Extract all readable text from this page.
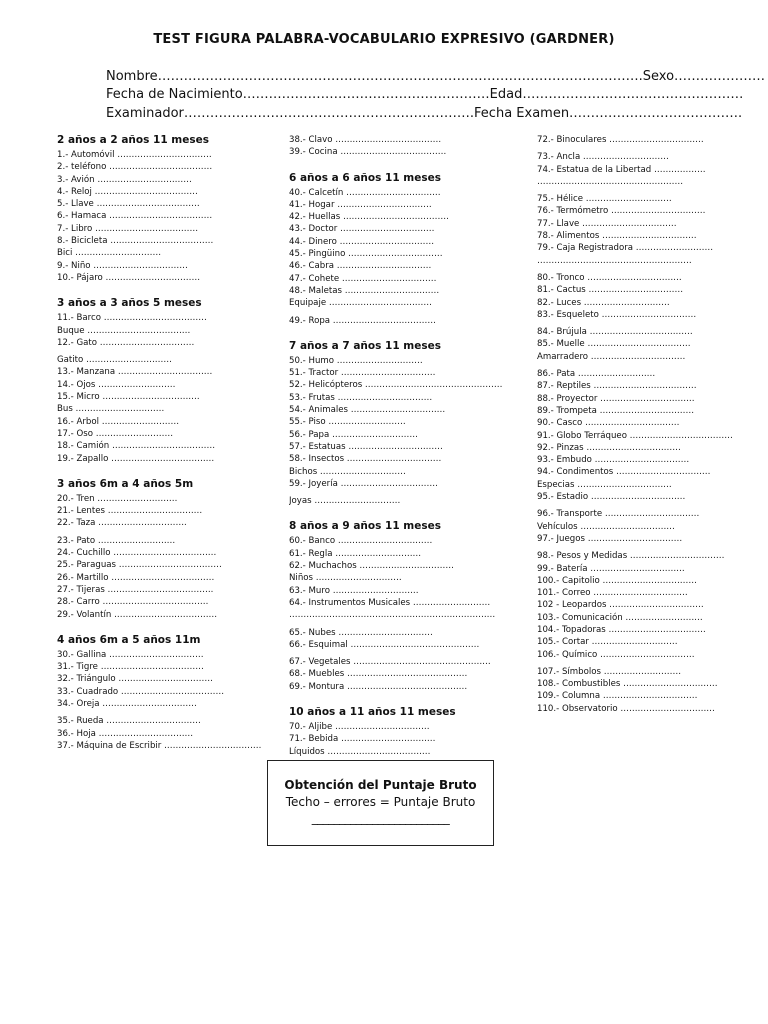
TEST FIGURA PALABRA-VOCABULARIO EXPRESIVO (GARDNER)
Nombre………………………………………………………………………………………………….Sexo…………………
Fecha de Nacimiento…………………………………………………Edad……………………………………………
Examinador………………………………………………………….Fecha Examen………………………………….
2 años a 2 años 11 meses
1.- Automóvil ……………………………
2.- teléfono ………………………………
3.- Avión ……………………………
4.- Reloj ………………………………
5.- Llave ………………………………
6.- Hamaca ………………………………
7.- Libro ………………………………
8.- Bicicleta ………………………………
Bici …………………………
9.- Niño ……………………………
10.- Pájaro ……………………………
3 años a 3 años 5 meses
11.- Barco ………………………………
Buque ………………………………
12.- Gato ……………………………
Gatito …………………………
13.- Manzana ……………………………
14.- Ojos ………………………
15.- Micro …………………………….
Bus ………………………….
16.- Arbol ………………………
17.- Oso ………………………
18.- Camión ………………………………
19.- Zapallo ………………………………
3 años 6m a 4 años 5m
20.- Tren ……………………….
21.- Lentes ……………………………
22.- Taza ………………………….
23.- Pato ………………………
24.- Cuchillo ………………………………
25.- Paraguas ………………………………
26.- Martillo ………………………………
27.- Tijeras ……………………………….
28.- Carro ……………………………….
29.- Volantín ………………………………
4 años 6m a 5 años 11m
30.- Gallina ……………………………
31.- Tigre ………………………………
32.- Triángulo ……………………………
33.- Cuadrado ………………………………
34.- Oreja ……………………………
35.- Rueda ……………………………
36.- Hoja ……………………………
37.- Máquina de Escribir …………………………….
38.- Clavo ……………………………….
39.- Cocina ……………………………….
6 años a 6 años 11 meses
40.- Calcetín ……………………………
41.- Hogar ……………………………
42.- Huellas ……………………………….
43.- Doctor ……………………………
44.- Dinero ……………………………
45.- Pingüino ……………………………
46.- Cabra ……………………………
47.- Cohete ……………………………
48.- Maletas ……………………………
Equipaje ………………………………
49.- Ropa ………………………………
7 años a 7 años 11 meses
50.- Humo …………………………
51.- Tractor ……………………………
52.- Helicópteros …………………………………………
53.- Frutas ……………………………
54.- Animales ……………………………
55.- Piso ………………………
56.- Papa …………………………
57.- Estatuas ……………………………
58.- Insectos ……………………………
Bichos …………………………
59.- Joyería …………………………….
Joyas …………………………
8 años a 9 años 11 meses
60.- Banco ……………………………
61.- Regla …………………………
62.- Muchachos ……………………………
Niños …………………………
63.- Muro …………………………
64.- Instrumentos Musicales ………………………
………………………………………………………………
65.- Nubes ……………………………
66.- Esquimal ………………………………………
67.- Vegetales …………………………………………
68.- Muebles ……………………………………
69.- Montura ……………………………………
10 años a 11 años 11 meses
70.- Aljibe ……………………………
71.- Bebida ……………………………
Líquidos ………………………………
72.- Binoculares ……………………………
73.- Ancla …………………………
74.- Estatua de la Libertad ………………
……………………………………………
75.- Hélice …………………………
76.- Termómetro ……………………………
77.- Llave ……………………………
78.- Alimentos ……………………………
79.- Caja Registradora ………………………
………………………………………………
80.- Tronco ……………………………
81.- Cactus ……………………………
82.- Luces …………………………
83.- Esqueleto ……………………………
84.- Brújula ………………………………
85.- Muelle ………………………………
Amarradero ……………………………
86.- Pata ………………………
87.- Reptiles ………………………………
88.- Proyector ……………………………
89.- Trompeta ……………………………
90.- Casco ……………………………
91.- Globo Terráqueo ………………………………
92.- Pinzas ……………………………
93.- Embudo ……………………………
94.- Condimentos ……………………………
Especias ……………………………
95.- Estadio ……………………………
96.- Transporte ……………………………
Vehículos ……………………………
97.- Juegos ……………………………
98.- Pesos y Medidas ……………………………
99.- Batería ……………………………
100.- Capitolio ……………………………
101.- Correo ……………………………
102 - Leopardos ……………………………
103.- Comunicación ………………………
104.- Topadoras …………………………….
105.- Cortar …………………………
106.- Químico ……………………………
107.- Símbolos ………………………
108.- Combustibles ……………………………
109.- Columna ……………………………
110.- Observatorio ……………………………
Obtención del Puntaje Bruto
Techo – errores = Puntaje Bruto
_________________________
